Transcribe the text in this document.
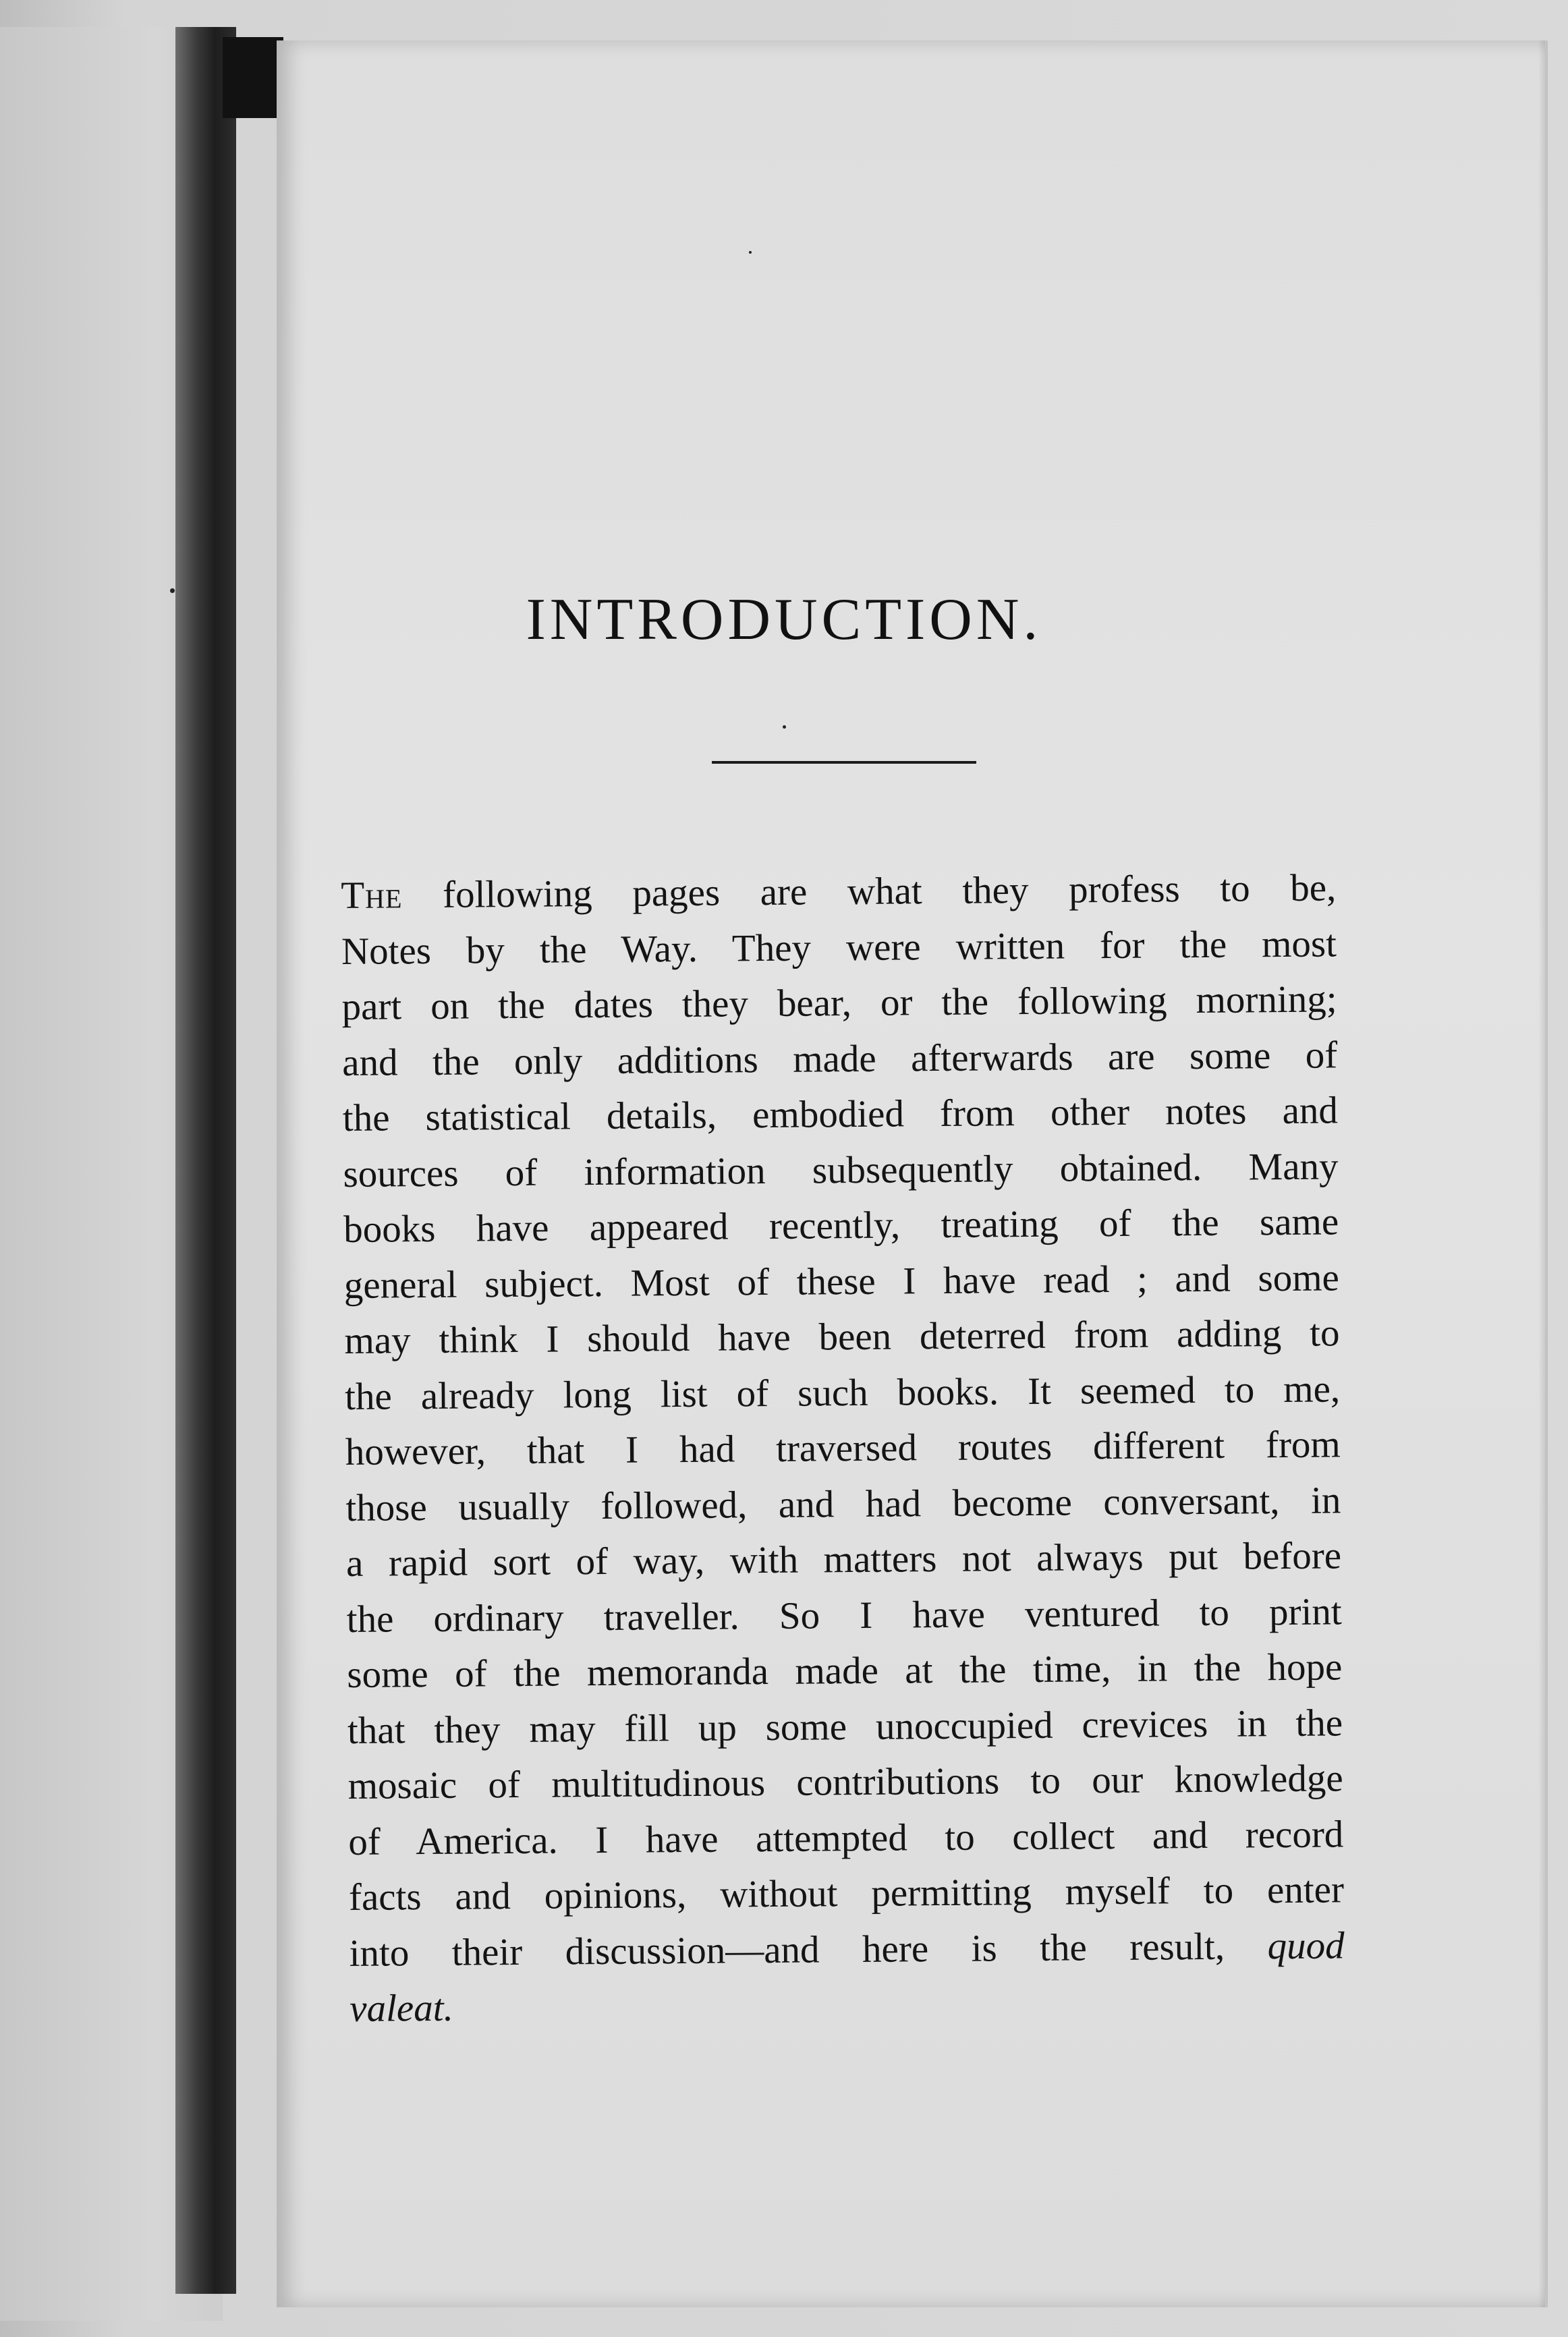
INTRODUCTION.

The following pages are what they profess to be,
Notes by the Way. They were written for the most
part on the dates they bear, or the following morning;
and the only additions made afterwards are some of
the statistical details, embodied from other notes and
sources of information subsequently obtained. Many
books have appeared recently, treating of the same
general subject. Most of these I have read ; and some
may think I should have been deterred from adding to
the already long list of such books. It seemed to me,
however, that I had traversed routes different from
those usually followed, and had become conversant, in
a rapid sort of way, with matters not always put before
the ordinary traveller. So I have ventured to print
some of the memoranda made at the time, in the hope
that they may fill up some unoccupied crevices in the
mosaic of multitudinous contributions to our knowledge
of America. I have attempted to collect and record
facts and opinions, without permitting myself to enter
into their discussion—and here is the result, quod
valeat.
